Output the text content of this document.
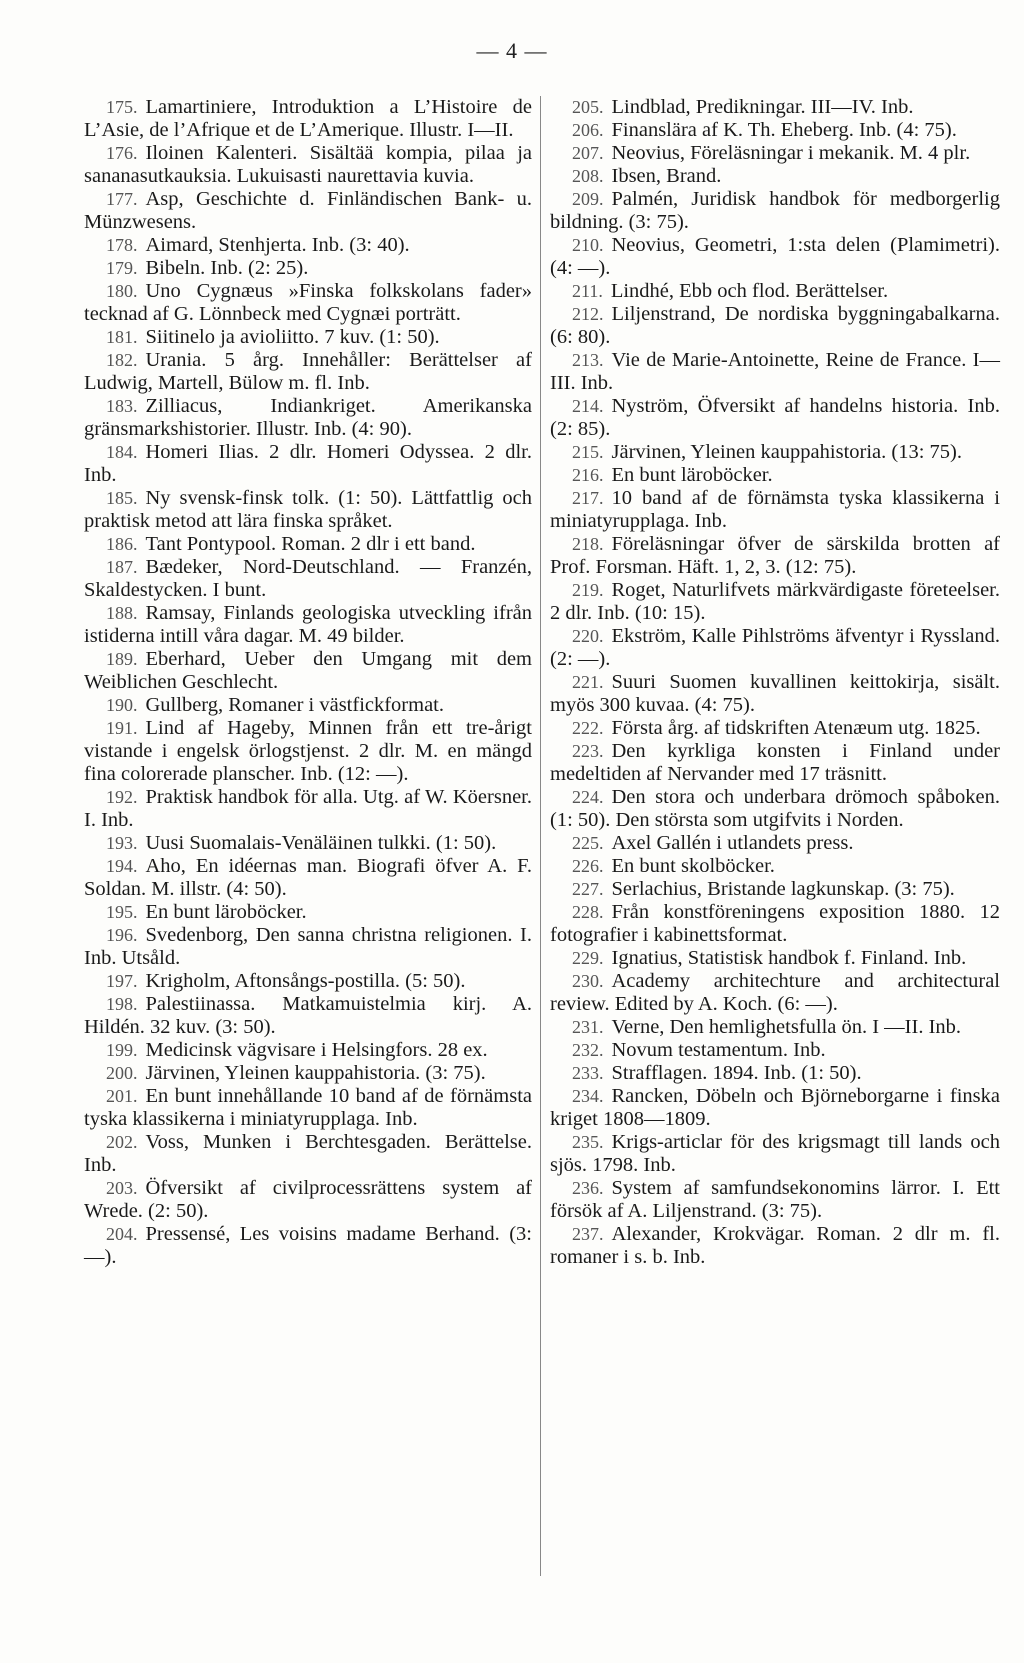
— 4 —

175. Lamartiniere, Introduktion a L’Histoire de L’Asie, de l’Afrique et de L’Amerique. Illustr. I—II.

176. Iloinen Kalenteri. Sisältää kompia, pilaa ja sananasutkauksia. Lukuisasti naurettavia kuvia.

177. Asp, Geschichte d. Finländischen Bank- u. Münzwesens.

178. Aimard, Stenhjerta. Inb. (3: 40).

179. Bibeln. Inb. (2: 25).

180. Uno Cygnæus »Finska folkskolans fader» tecknad af G. Lönnbeck med Cygnæi porträtt.

181. Siitinelo ja avioliitto. 7 kuv. (1: 50).

182. Urania. 5 årg. Innehåller: Berättelser af Ludwig, Martell, Bülow m. fl. Inb.

183. Zilliacus, Indiankriget. Amerikanska gränsmarkshistorier. Illustr. Inb. (4: 90).

184. Homeri Ilias. 2 dlr. Homeri Odyssea. 2 dlr. Inb.

185. Ny svensk-finsk tolk. (1: 50). Lättfattlig och praktisk metod att lära finska språket.

186. Tant Pontypool. Roman. 2 dlr i ett band.

187. Bædeker, Nord-Deutschland. — Franzén, Skaldestycken. I bunt.

188. Ramsay, Finlands geologiska utveckling ifrån istiderna intill våra dagar. M. 49 bilder.

189. Eberhard, Ueber den Umgang mit dem Weiblichen Geschlecht.

190. Gullberg, Romaner i västfickformat.

191. Lind af Hageby, Minnen från ett tre-årigt vistande i engelsk örlogstjenst. 2 dlr. M. en mängd fina colorerade planscher. Inb. (12: —).

192. Praktisk handbok för alla. Utg. af W. Köersner. I. Inb.

193. Uusi Suomalais-Venäläinen tulkki. (1: 50).

194. Aho, En idéernas man. Biografi öfver A. F. Soldan. M. illstr. (4: 50).

195. En bunt läroböcker.

196. Svedenborg, Den sanna christna religionen. I. Inb. Utsåld.

197. Krigholm, Aftonsångs-postilla. (5: 50).

198. Palestiinassa. Matkamuistelmia kirj. A. Hildén. 32 kuv. (3: 50).

199. Medicinsk vägvisare i Helsingfors. 28 ex.

200. Järvinen, Yleinen kauppahistoria. (3: 75).

201. En bunt innehållande 10 band af de förnämsta tyska klassikerna i miniatyrupplaga. Inb.

202. Voss, Munken i Berchtesgaden. Berättelse. Inb.

203. Öfversikt af civilprocessrättens system af Wrede. (2: 50).

204. Pressensé, Les voisins madame Berhand. (3: —).

205. Lindblad, Predikningar. III—IV. Inb.

206. Finanslära af K. Th. Eheberg. Inb. (4: 75).

207. Neovius, Föreläsningar i mekanik. M. 4 plr.

208. Ibsen, Brand.

209. Palmén, Juridisk handbok för medborgerlig bildning. (3: 75).

210. Neovius, Geometri, 1:sta delen (Plamimetri). (4: —).

211. Lindhé, Ebb och flod. Berättelser.

212. Liljenstrand, De nordiska byggningabalkarna. (6: 80).

213. Vie de Marie-Antoinette, Reine de France. I—III. Inb.

214. Nyström, Öfversikt af handelns historia. Inb. (2: 85).

215. Järvinen, Yleinen kauppahistoria. (13: 75).

216. En bunt läroböcker.

217. 10 band af de förnämsta tyska klassikerna i miniatyrupplaga. Inb.

218. Föreläsningar öfver de särskilda brotten af Prof. Forsman. Häft. 1, 2, 3. (12: 75).

219. Roget, Naturlifvets märkvärdigaste företeelser. 2 dlr. Inb. (10: 15).

220. Ekström, Kalle Pihlströms äfventyr i Ryssland. (2: —).

221. Suuri Suomen kuvallinen keittokirja, sisält. myös 300 kuvaa. (4: 75).

222. Första årg. af tidskriften Atenæum utg. 1825.

223. Den kyrkliga konsten i Finland under medeltiden af Nervander med 17 träsnitt.

224. Den stora och underbara drömoch spåboken. (1: 50). Den största som utgifvits i Norden.

225. Axel Gallén i utlandets press.

226. En bunt skolböcker.

227. Serlachius, Bristande lagkunskap. (3: 75).

228. Från konstföreningens exposition 1880. 12 fotografier i kabinettsformat.

229. Ignatius, Statistisk handbok f. Finland. Inb.

230. Academy architechture and architectural review. Edited by A. Koch. (6: —).

231. Verne, Den hemlighetsfulla ön. I —II. Inb.

232. Novum testamentum. Inb.

233. Strafflagen. 1894. Inb. (1: 50).

234. Rancken, Döbeln och Björneborgarne i finska kriget 1808—1809.

235. Krigs-articlar för des krigsmagt till lands och sjös. 1798. Inb.

236. System af samfundsekonomins lärror. I. Ett försök af A. Liljenstrand. (3: 75).

237. Alexander, Krokvägar. Roman. 2 dlr m. fl. romaner i s. b. Inb.
